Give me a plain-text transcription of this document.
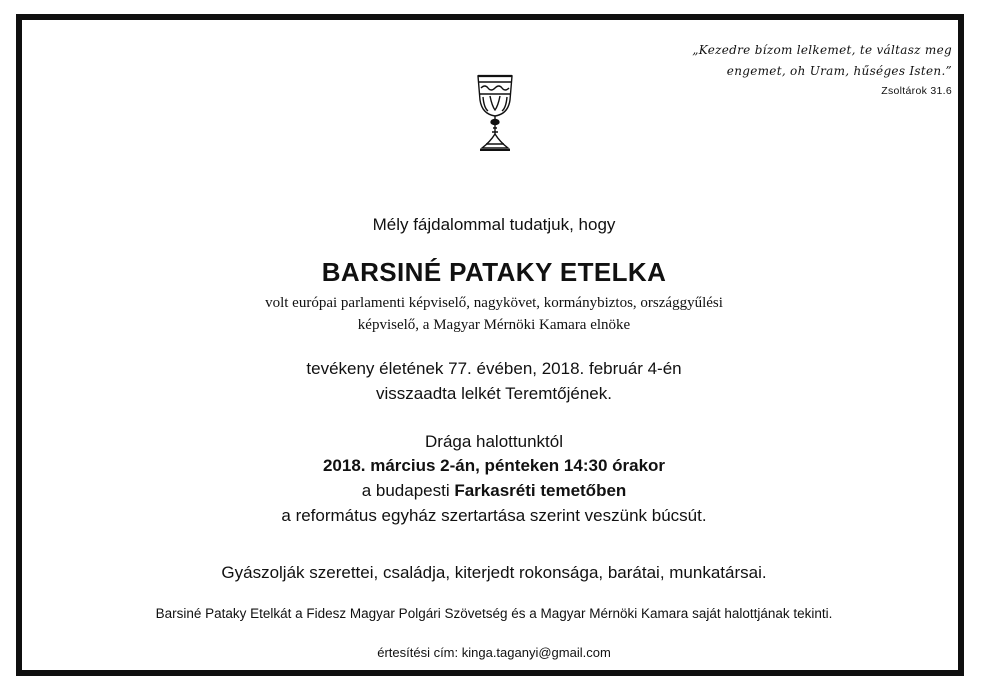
„Kezedre bízom lelkemet, te váltasz meg
engemet, oh Uram, hűséges Isten.”
Zsoltárok 31.6
Mély fájdalommal tudatjuk, hogy
BARSINÉ PATAKY ETELKA
volt európai parlamenti képviselő, nagykövet, kormánybiztos, országgyűlési
képviselő, a Magyar Mérnöki Kamara elnöke
tevékeny életének 77. évében, 2018. február 4-én
visszaadta lelkét Teremtőjének.
Drága halottunktól
2018. március 2-án, pénteken 14:30 órakor
a budapesti Farkasréti temetőben
a református egyház szertartása szerint veszünk búcsút.
Gyászolják szerettei, családja, kiterjedt rokonsága, barátai, munkatársai.
Barsiné Pataky Etelkát a Fidesz Magyar Polgári Szövetség és a Magyar Mérnöki Kamara saját halottjának tekinti.
értesítési cím: kinga.taganyi@gmail.com
